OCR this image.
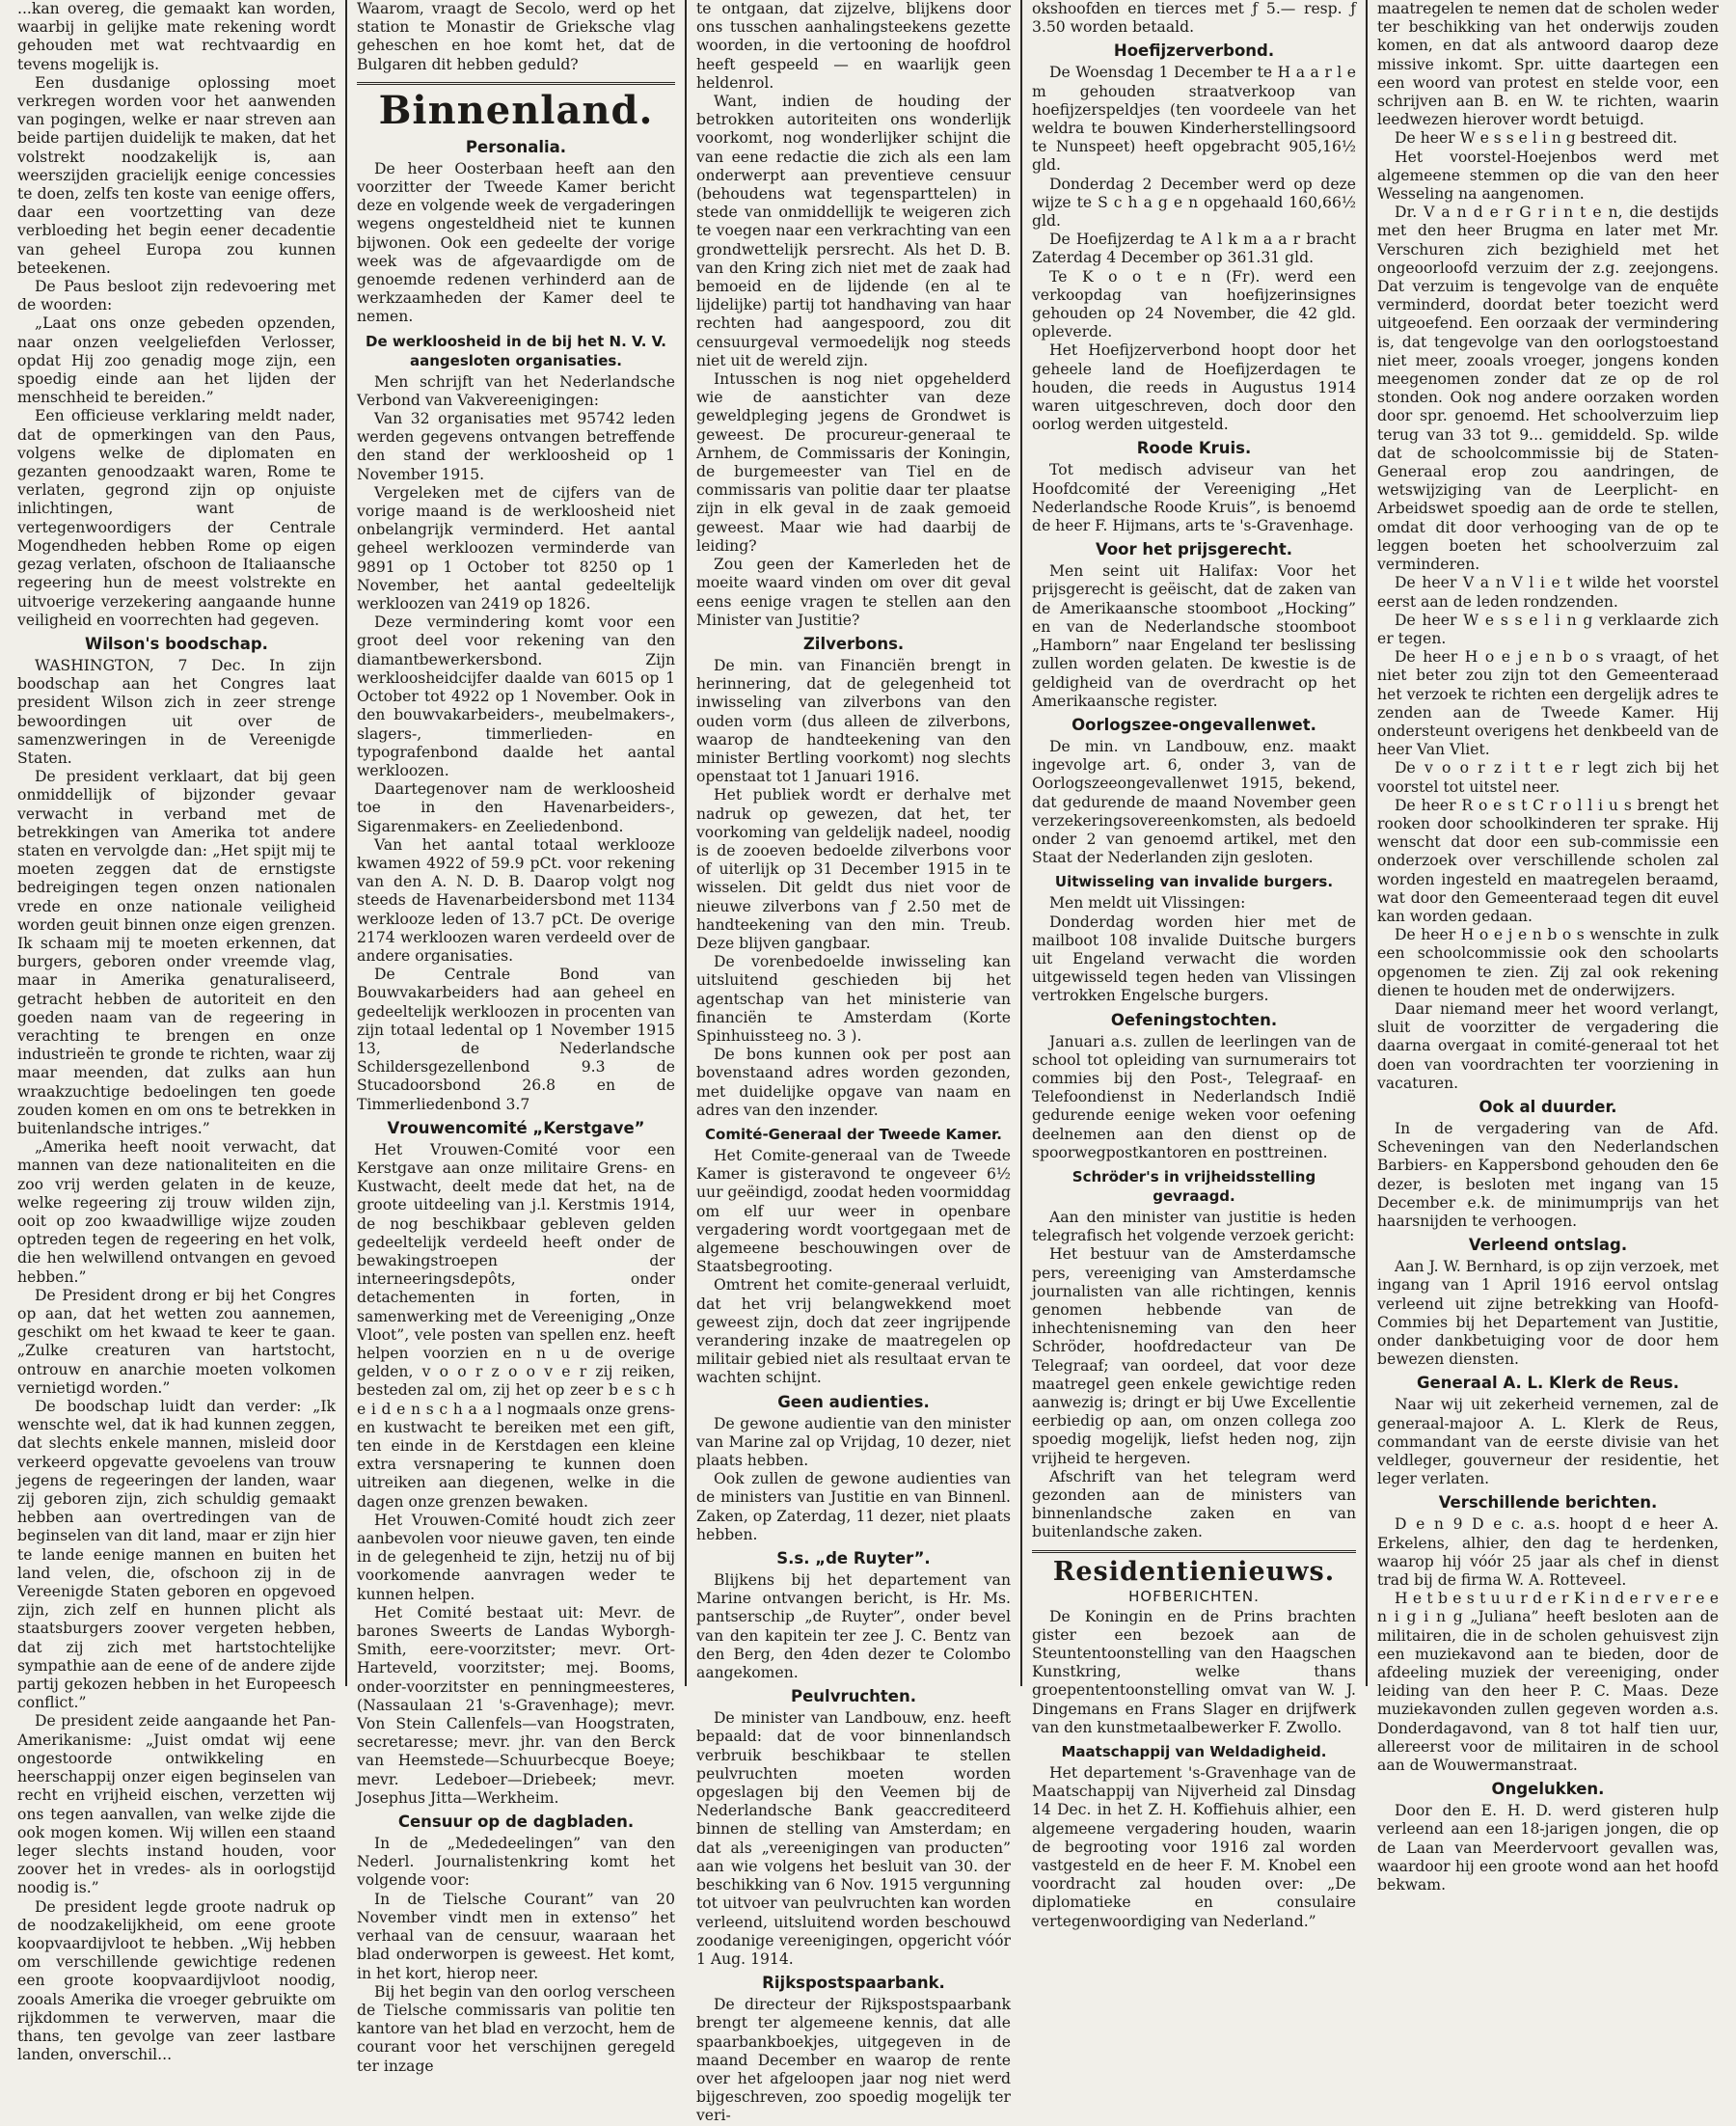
...kan overeg, die gemaakt kan worden, waarbij in gelijke mate rekening wordt gehouden met wat rechtvaardig en tevens mogelijk is.

Een dusdanige oplossing moet verkregen worden voor het aanwenden van pogingen, welke er naar streven aan beide partijen duidelijk te maken, dat het volstrekt noodzakelijk is, aan weerszijden gracielijk eenige concessies te doen, zelfs ten koste van eenige offers, daar een voortzetting van deze verbloeding het begin eener decadentie van geheel Europa zou kunnen beteekenen.

De Paus besloot zijn redevoering met de woorden:

„Laat ons onze gebeden opzenden, naar onzen veelgeliefden Verlosser, opdat Hij zoo genadig moge zijn, een spoedig einde aan het lijden der menschheid te bereiden.”

Een officieuse verklaring meldt nader, dat de opmerkingen van den Paus, volgens welke de diplomaten en gezanten genoodzaakt waren, Rome te verlaten, gegrond zijn op onjuiste inlichtingen, want de vertegenwoordigers der Centrale Mogendheden hebben Rome op eigen gezag verlaten, ofschoon de Italiaansche regeering hun de meest volstrekte en uitvoerige verzekering aangaande hunne veiligheid en voorrechten had gegeven.

Wilson's boodschap.

WASHINGTON, 7 Dec. In zijn boodschap aan het Congres laat president Wilson zich in zeer strenge bewoordingen uit over de samenzweringen in de Vereenigde Staten.

De president verklaart, dat bij geen onmiddellijk of bijzonder gevaar verwacht in verband met de betrekkingen van Amerika tot andere staten en vervolgde dan: „Het spijt mij te moeten zeggen dat de ernstigste bedreigingen tegen onzen nationalen vrede en onze nationale veiligheid worden geuit binnen onze eigen grenzen. Ik schaam mij te moeten erkennen, dat burgers, geboren onder vreemde vlag, maar in Amerika genaturaliseerd, getracht hebben de autoriteit en den goeden naam van de regeering in verachting te brengen en onze industrieën te gronde te richten, waar zij maar meenden, dat zulks aan hun wraakzuchtige bedoelingen ten goede zouden komen en om ons te betrekken in buitenlandsche intriges.”

„Amerika heeft nooit verwacht, dat mannen van deze nationaliteiten en die zoo vrij werden gelaten in de keuze, welke regeering zij trouw wilden zijn, ooit op zoo kwaadwillige wijze zouden optreden tegen de regeering en het volk, die hen welwillend ontvangen en gevoed hebben.”

De President drong er bij het Congres op aan, dat het wetten zou aannemen, geschikt om het kwaad te keer te gaan. „Zulke creaturen van hartstocht, ontrouw en anarchie moeten volkomen vernietigd worden.”

De boodschap luidt dan verder: „Ik wenschte wel, dat ik had kunnen zeggen, dat slechts enkele mannen, misleid door verkeerd opgevatte gevoelens van trouw jegens de regeeringen der landen, waar zij geboren zijn, zich schuldig gemaakt hebben aan overtredingen van de beginselen van dit land, maar er zijn hier te lande eenige mannen en buiten het land velen, die, ofschoon zij in de Vereenigde Staten geboren en opgevoed zijn, zich zelf en hunnen plicht als staatsburgers zoover vergeten hebben, dat zij zich met hartstochtelijke sympathie aan de eene of de andere zijde partij gekozen hebben in het Europeesch conflict.”

De president zeide aangaande het Pan-Amerikanisme: „Juist omdat wij eene ongestoorde ontwikkeling en heerschappij onzer eigen beginselen van recht en vrijheid eischen, verzetten wij ons tegen aanvallen, van welke zijde die ook mogen komen. Wij willen een staand leger slechts instand houden, voor zoover het in vredes- als in oorlogstijd noodig is.”

De president legde groote nadruk op de noodzakelijkheid, om eene groote koopvaardijvloot te hebben. „Wij hebben om verschillende gewichtige redenen een groote koopvaardijvloot noodig, zooals Amerika die vroeger gebruikte om rijkdommen te verwerven, maar die thans, ten gevolge van zeer lastbare landen, onverschil...

Waarom, vraagt de Secolo, werd op het station te Monastir de Grieksche vlag geheschen en hoe komt het, dat de Bulgaren dit hebben geduld?

Binnenland.
Personalia.

De heer Oosterbaan heeft aan den voorzitter der Tweede Kamer bericht deze en volgende week de vergaderingen wegens ongesteldheid niet te kunnen bijwonen. Ook een gedeelte der vorige week was de afgevaardigde om de genoemde redenen verhinderd aan de werkzaamheden der Kamer deel te nemen.

De werkloosheid in de bij het N. V. V. aangesloten organisaties.

Men schrijft van het Nederlandsche Verbond van Vakvereenigingen:

Van 32 organisaties met 95742 leden werden gegevens ontvangen betreffende den stand der werkloosheid op 1 November 1915.

Vergeleken met de cijfers van de vorige maand is de werkloosheid niet onbelangrijk verminderd. Het aantal geheel werkloozen verminderde van 9891 op 1 October tot 8250 op 1 November, het aantal gedeeltelijk werkloozen van 2419 op 1826.

Deze vermindering komt voor een groot deel voor rekening van den diamantbewerkersbond. Zijn werkloosheidcijfer daalde van 6015 op 1 October tot 4922 op 1 November. Ook in den bouwvakarbeiders-, meubelmakers-, slagers-, timmerlieden- en typografenbond daalde het aantal werkloozen.

Daartegenover nam de werkloosheid toe in den Havenarbeiders-, Sigarenmakers- en Zeeliedenbond.

Van het aantal totaal werklooze kwamen 4922 of 59.9 pCt. voor rekening van den A. N. D. B. Daarop volgt nog steeds de Havenarbeidersbond met 1134 werklooze leden of 13.7 pCt. De overige 2174 werkloozen waren verdeeld over de andere organisaties.

De Centrale Bond van Bouwvakarbeiders had aan geheel en gedeeltelijk werkloozen in procenten van zijn totaal ledental op 1 November 1915 13, de Nederlandsche Schildersgezellenbond 9.3 de Stucadoorsbond 26.8 en de Timmerliedenbond 3.7

Vrouwencomité „Kerstgave”

Het Vrouwen-Comité voor een Kerstgave aan onze militaire Grens- en Kustwacht, deelt mede dat het, na de groote uitdeeling van j.l. Kerstmis 1914, de nog beschikbaar gebleven gelden gedeeltelijk verdeeld heeft onder de bewakingstroepen der interneeringsdepôts, onder detachementen in forten, in samenwerking met de Vereeniging „Onze Vloot”, vele posten van spellen enz. heeft helpen voorzien en n u de overige gelden, v o o r z o o v e r zij reiken, besteden zal om, zij het op zeer b e s c h e i d e n s c h a a l nogmaals onze grens- en kustwacht te bereiken met een gift, ten einde in de Kerstdagen een kleine extra versnapering te kunnen doen uitreiken aan diegenen, welke in die dagen onze grenzen bewaken.

Het Vrouwen-Comité houdt zich zeer aanbevolen voor nieuwe gaven, ten einde in de gelegenheid te zijn, hetzij nu of bij voorkomende aanvragen weder te kunnen helpen.

Het Comité bestaat uit: Mevr. de barones Sweerts de Landas Wyborgh-Smith, eere-voorzitster; mevr. Ort-Harteveld, voorzitster; mej. Booms, onder-voorzitster en penningmeesteres, (Nassaulaan 21 's-Gravenhage); mevr. Von Stein Callenfels—van Hoogstraten, secretaresse; mevr. jhr. van den Berck van Heemstede—Schuurbecque Boeye; mevr. Ledeboer—Driebeek; mevr. Josephus Jitta—Werkheim.

Censuur op de dagbladen.

In de „Mededeelingen” van den Nederl. Journalistenkring komt het volgende voor:

In de Tielsche Courant” van 20 November vindt men in extenso” het verhaal van de censuur, waaraan het blad onderworpen is geweest. Het komt, in het kort, hierop neer.

Bij het begin van den oorlog verscheen de Tielsche commissaris van politie ten kantore van het blad en verzocht, hem de courant voor het verschijnen geregeld ter inzage

te ontgaan, dat zijzelve, blijkens door ons tusschen aanhalingsteekens gezette woorden, in die vertooning de hoofdrol heeft gespeeld — en waarlijk geen heldenrol.

Want, indien de houding der betrokken autoriteiten ons wonderlijk voorkomt, nog wonderlijker schijnt die van eene redactie die zich als een lam onderwerpt aan preventieve censuur (behoudens wat tegensparttelen) in stede van onmiddellijk te weigeren zich te voegen naar een verkrachting van een grondwettelijk persrecht. Als het D. B. van den Kring zich niet met de zaak had bemoeid en de lijdende (en al te lijdelijke) partij tot handhaving van haar rechten had aangespoord, zou dit censuurgeval vermoedelijk nog steeds niet uit de wereld zijn.

Intusschen is nog niet opgehelderd wie de aanstichter van deze geweldpleging jegens de Grondwet is geweest. De procureur-generaal te Arnhem, de Commissaris der Koningin, de burgemeester van Tiel en de commissaris van politie daar ter plaatse zijn in elk geval in de zaak gemoeid geweest. Maar wie had daarbij de leiding?

Zou geen der Kamerleden het de moeite waard vinden om over dit geval eens eenige vragen te stellen aan den Minister van Justitie?

Zilverbons.

De min. van Financiën brengt in herinnering, dat de gelegenheid tot inwisseling van zilverbons van den ouden vorm (dus alleen de zilverbons, waarop de handteekening van den minister Bertling voorkomt) nog slechts openstaat tot 1 Januari 1916.

Het publiek wordt er derhalve met nadruk op gewezen, dat het, ter voorkoming van geldelijk nadeel, noodig is de zooeven bedoelde zilverbons voor of uiterlijk op 31 December 1915 in te wisselen. Dit geldt dus niet voor de nieuwe zilverbons van ƒ 2.50 met de handteekening van den min. Treub. Deze blijven gangbaar.

De vorenbedoelde inwisseling kan uitsluitend geschieden bij het agentschap van het ministerie van financiën te Amsterdam (Korte Spinhuissteeg no. 3 ).

De bons kunnen ook per post aan bovenstaand adres worden gezonden, met duidelijke opgave van naam en adres van den inzender.

Comité-Generaal der Tweede Kamer.

Het Comite-generaal van de Tweede Kamer is gisteravond te ongeveer 6½ uur geëindigd, zoodat heden voormiddag om elf uur weer in openbare vergadering wordt voortgegaan met de algemeene beschouwingen over de Staatsbegrooting.

Omtrent het comite-generaal verluidt, dat het vrij belangwekkend moet geweest zijn, doch dat zeer ingrijpende verandering inzake de maatregelen op militair gebied niet als resultaat ervan te wachten schijnt.

Geen audienties.

De gewone audientie van den minister van Marine zal op Vrijdag, 10 dezer, niet plaats hebben.

Ook zullen de gewone audienties van de ministers van Justitie en van Binnenl. Zaken, op Zaterdag, 11 dezer, niet plaats hebben.

S.s. „de Ruyter”.

Blijkens bij het departement van Marine ontvangen bericht, is Hr. Ms. pantserschip „de Ruyter”, onder bevel van den kapitein ter zee J. C. Bentz van den Berg, den 4den dezer te Colombo aangekomen.

Peulvruchten.

De minister van Landbouw, enz. heeft bepaald: dat de voor binnenlandsch verbruik beschikbaar te stellen peulvruchten moeten worden opgeslagen bij den Veemen bij de Nederlandsche Bank geaccrediteerd binnen de stelling van Amsterdam; en dat als „vereenigingen van producten” aan wie volgens het besluit van 30. der beschikking van 6 Nov. 1915 vergunning tot uitvoer van peulvruchten kan worden verleend, uitsluitend worden beschouwd zoodanige vereenigingen, opgericht vóór 1 Aug. 1914.

Rijkspostspaarbank.

De directeur der Rijkspostspaarbank brengt ter algemeene kennis, dat alle spaarbankboekjes, uitgegeven in de maand December en waarop de rente over het afgeloopen jaar nog niet werd bijgeschreven, zoo spoedig mogelijk ter veri-

okshoofden en tierces met ƒ 5.— resp. ƒ 3.50 worden betaald.

Hoefijzerverbond.

De Woensdag 1 December te H a a r l e m gehouden straatverkoop van hoefijzerspeldjes (ten voordeele van het weldra te bouwen Kinderherstellingsoord te Nunspeet) heeft opgebracht 905,16½ gld.

Donderdag 2 December werd op deze wijze te S c h a g e n opgehaald 160,66½ gld.

De Hoefijzerdag te A l k m a a r bracht Zaterdag 4 December op 361.31 gld.

Te K o o t e n (Fr). werd een verkoopdag van hoefijzerinsignes gehouden op 24 November, die 42 gld. opleverde.

Het Hoefijzerverbond hoopt door het geheele land de Hoefijzerdagen te houden, die reeds in Augustus 1914 waren uitgeschreven, doch door den oorlog werden uitgesteld.

Roode Kruis.

Tot medisch adviseur van het Hoofdcomité der Vereeniging „Het Nederlandsche Roode Kruis”, is benoemd de heer F. Hijmans, arts te 's-Gravenhage.

Voor het prijsgerecht.

Men seint uit Halifax: Voor het prijsgerecht is geëischt, dat de zaken van de Amerikaansche stoomboot „Hocking” en van de Nederlandsche stoomboot „Hamborn” naar Engeland ter beslissing zullen worden gelaten. De kwestie is de geldigheid van de overdracht op het Amerikaansche register.

Oorlogszee-ongevallenwet.

De min. vn Landbouw, enz. maakt ingevolge art. 6, onder 3, van de Oorlogszeeongevallenwet 1915, bekend, dat gedurende de maand November geen verzekeringsovereenkomsten, als bedoeld onder 2 van genoemd artikel, met den Staat der Nederlanden zijn gesloten.

Uitwisseling van invalide burgers.

Men meldt uit Vlissingen:

Donderdag worden hier met de mailboot 108 invalide Duitsche burgers uit Engeland verwacht die worden uitgewisseld tegen heden van Vlissingen vertrokken Engelsche burgers.

Oefeningstochten.

Januari a.s. zullen de leerlingen van de school tot opleiding van surnumerairs tot commies bij den Post-, Telegraaf- en Telefoondienst in Nederlandsch Indië gedurende eenige weken voor oefening deelnemen aan den dienst op de spoorwegpostkantoren en posttreinen.

Schröder's in vrijheidsstelling gevraagd.

Aan den minister van justitie is heden telegrafisch het volgende verzoek gericht:

Het bestuur van de Amsterdamsche pers, vereeniging van Amsterdamsche journalisten van alle richtingen, kennis genomen hebbende van de inhechtenisneming van den heer Schröder, hoofdredacteur van De Telegraaf; van oordeel, dat voor deze maatregel geen enkele gewichtige reden aanwezig is; dringt er bij Uwe Excellentie eerbiedig op aan, om onzen collega zoo spoedig mogelijk, liefst heden nog, zijn vrijheid te hergeven.

Afschrift van het telegram werd gezonden aan de ministers van binnenlandsche zaken en van buitenlandsche zaken.

Residentienieuws.
HOFBERICHTEN.

De Koningin en de Prins brachten gister een bezoek aan de Steuntentoonstelling van den Haagschen Kunstkring, welke thans groepententoonstelling omvat van W. J. Dingemans en Frans Slager en drijfwerk van den kunstmetaalbewerker F. Zwollo.

Maatschappij van Weldadigheid.

Het departement 's-Gravenhage van de Maatschappij van Nijverheid zal Dinsdag 14 Dec. in het Z. H. Koffiehuis alhier, een algemeene vergadering houden, waarin de begrooting voor 1916 zal worden vastgesteld en de heer F. M. Knobel een voordracht zal houden over: „De diplomatieke en consulaire vertegenwoordiging van Nederland.”

maatregelen te nemen dat de scholen weder ter beschikking van het onderwijs zouden komen, en dat als antwoord daarop deze missive inkomt. Spr. uitte daartegen een een woord van protest en stelde voor, een schrijven aan B. en W. te richten, waarin leedwezen hierover wordt betuigd.

De heer W e s s e l i n g bestreed dit.

Het voorstel-Hoejenbos werd met algemeene stemmen op die van den heer Wesseling na aangenomen.

Dr. V a n d e r G r i n t e n, die destijds met den heer Brugma en later met Mr. Verschuren zich bezighield met het ongeoorloofd verzuim der z.g. zeejongens. Dat verzuim is tengevolge van de enquête verminderd, doordat beter toezicht werd uitgeoefend. Een oorzaak der vermindering is, dat tengevolge van den oorlogstoestand niet meer, zooals vroeger, jongens konden meegenomen zonder dat ze op de rol stonden. Ook nog andere oorzaken worden door spr. genoemd. Het schoolverzuim liep terug van 33 tot 9... gemiddeld. Sp. wilde dat de schoolcommissie bij de Staten-Generaal erop zou aandringen, de wetswijziging van de Leerplicht- en Arbeidswet spoedig aan de orde te stellen, omdat dit door verhooging van de op te leggen boeten het schoolverzuim zal verminderen.

De heer V a n V l i e t wilde het voorstel eerst aan de leden rondzenden.

De heer W e s s e l i n g verklaarde zich er tegen.

De heer H o e j e n b o s vraagt, of het niet beter zou zijn tot den Gemeenteraad het verzoek te richten een dergelijk adres te zenden aan de Tweede Kamer. Hij ondersteunt overigens het denkbeeld van de heer Van Vliet.

De v o o r z i t t e r legt zich bij het voorstel tot uitstel neer.

De heer R o e s t C r o l l i u s brengt het rooken door schoolkinderen ter sprake. Hij wenscht dat door een sub-commissie een onderzoek over verschillende scholen zal worden ingesteld en maatregelen beraamd, wat door den Gemeenteraad tegen dit euvel kan worden gedaan.

De heer H o e j e n b o s wenschte in zulk een schoolcommissie ook den schoolarts opgenomen te zien. Zij zal ook rekening dienen te houden met de onderwijzers.

Daar niemand meer het woord verlangt, sluit de voorzitter de vergadering die daarna overgaat in comité-generaal tot het doen van voordrachten ter voorziening in vacaturen.

Ook al duurder.

In de vergadering van de Afd. Scheveningen van den Nederlandschen Barbiers- en Kappersbond gehouden den 6e dezer, is besloten met ingang van 15 December e.k. de minimumprijs van het haarsnijden te verhoogen.

Verleend ontslag.

Aan J. W. Bernhard, is op zijn verzoek, met ingang van 1 April 1916 eervol ontslag verleend uit zijne betrekking van Hoofd-Commies bij het Departement van Justitie, onder dankbetuiging voor de door hem bewezen diensten.

Generaal A. L. Klerk de Reus.

Naar wij uit zekerheid vernemen, zal de generaal-majoor A. L. Klerk de Reus, commandant van de eerste divisie van het veldleger, gouverneur der residentie, het leger verlaten.

Verschillende berichten.

D e n 9 D e c. a.s. hoopt d e heer A. Erkelens, alhier, den dag te herdenken, waarop hij vóór 25 jaar als chef in dienst trad bij de firma W. A. Rotteveel.

H e t b e s t u u r d e r K i n d e r v e r e e n i g i n g „Juliana” heeft besloten aan de militairen, die in de scholen gehuisvest zijn een muziekavond aan te bieden, door de afdeeling muziek der vereeniging, onder leiding van den heer P. C. Maas. Deze muziekavonden zullen gegeven worden a.s. Donderdagavond, van 8 tot half tien uur, allereerst voor de militairen in de school aan de Wouwermanstraat.

Ongelukken.

Door den E. H. D. werd gisteren hulp verleend aan een 18-jarigen jongen, die op de Laan van Meerdervoort gevallen was, waardoor hij een groote wond aan het hoofd bekwam.
